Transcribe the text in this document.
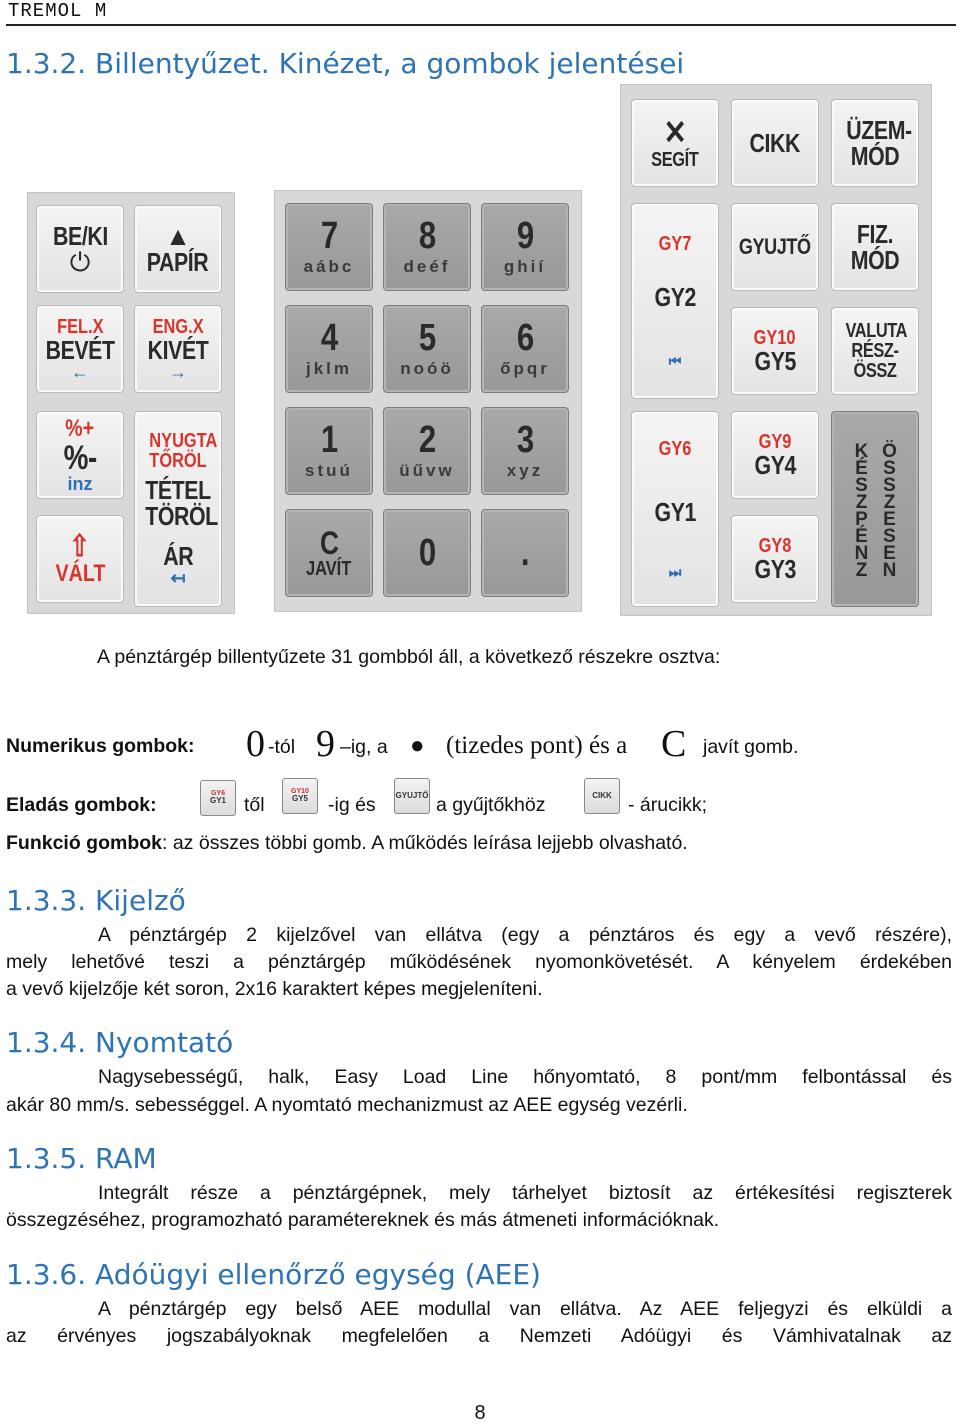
TREMOL M
1.3.2. Billentyűzet. Kinézet, a gombok jelentései
BE/KI
⏻
▲
PAPÍR
FEL.X
BEVÉT
←
ENG.X
KIVÉT
→
%+
%-
inz
NYUGTA TŐRÖL
TÉTEL TÖRÖL
ÁR
↤
⇧
VÁLT
7
aábc
8
deéf
9
ghií
4
jklm
5
noóö
6
őpqr
1
stuú
2
üűvw
3
xyz
C
JAVÍT 0 .
✕
SEGÍT
CIKK ÜZEM- MÓD
GY7
GY2
⏮
GYUJTŐ	FIZ. MÓD
GY10
GY5
VALUTA RÉSZ- ÖSSZ
GY6
GY1
⏭
GY9
GY4
GY8
GY3	KÉSZPÉNZ ÖSSZESEN
A pénztárgép billentyűzete 31 gombból áll, a következő részekre osztva:
Numerikus gombok: 0 -tól 9 –ig, a ● (tizedes pont) és a C javít gomb.
Eladás gombok:
GY6
GY1 től
GY10
GY5 -ig és GYUJTŐ a gyűjtőkhöz	CIKK - árucikk;
Funkció gombok: az összes többi gomb. A működés leírása lejjebb olvasható.
1.3.3. Kijelző
A pénztárgép 2 kijelzővel van ellátva (egy a pénztáros és egy a vevő részére),
mely lehetővé teszi a pénztárgép működésének nyomonkövetését. A kényelem érdekében
a vevő kijelzője két soron, 2x16 karaktert képes megjeleníteni.
1.3.4. Nyomtató
Nagysebességű, halk, Easy Load Line hőnyomtató, 8 pont/mm felbontással és
akár 80 mm/s. sebességgel. A nyomtató mechanizmust az AEE egység vezérli.
1.3.5. RAM
Integrált része a pénztárgépnek, mely tárhelyet biztosít az értékesítési regiszterek
összegzéséhez, programozható paramétereknek és más átmeneti információknak.
1.3.6. Adóügyi ellenőrző egység (AEE)
A pénztárgép egy belső AEE modullal van ellátva. Az AEE feljegyzi és elküldi a
az érvényes jogszabályoknak megfelelően a Nemzeti Adóügyi és Vámhivatalnak az
8
